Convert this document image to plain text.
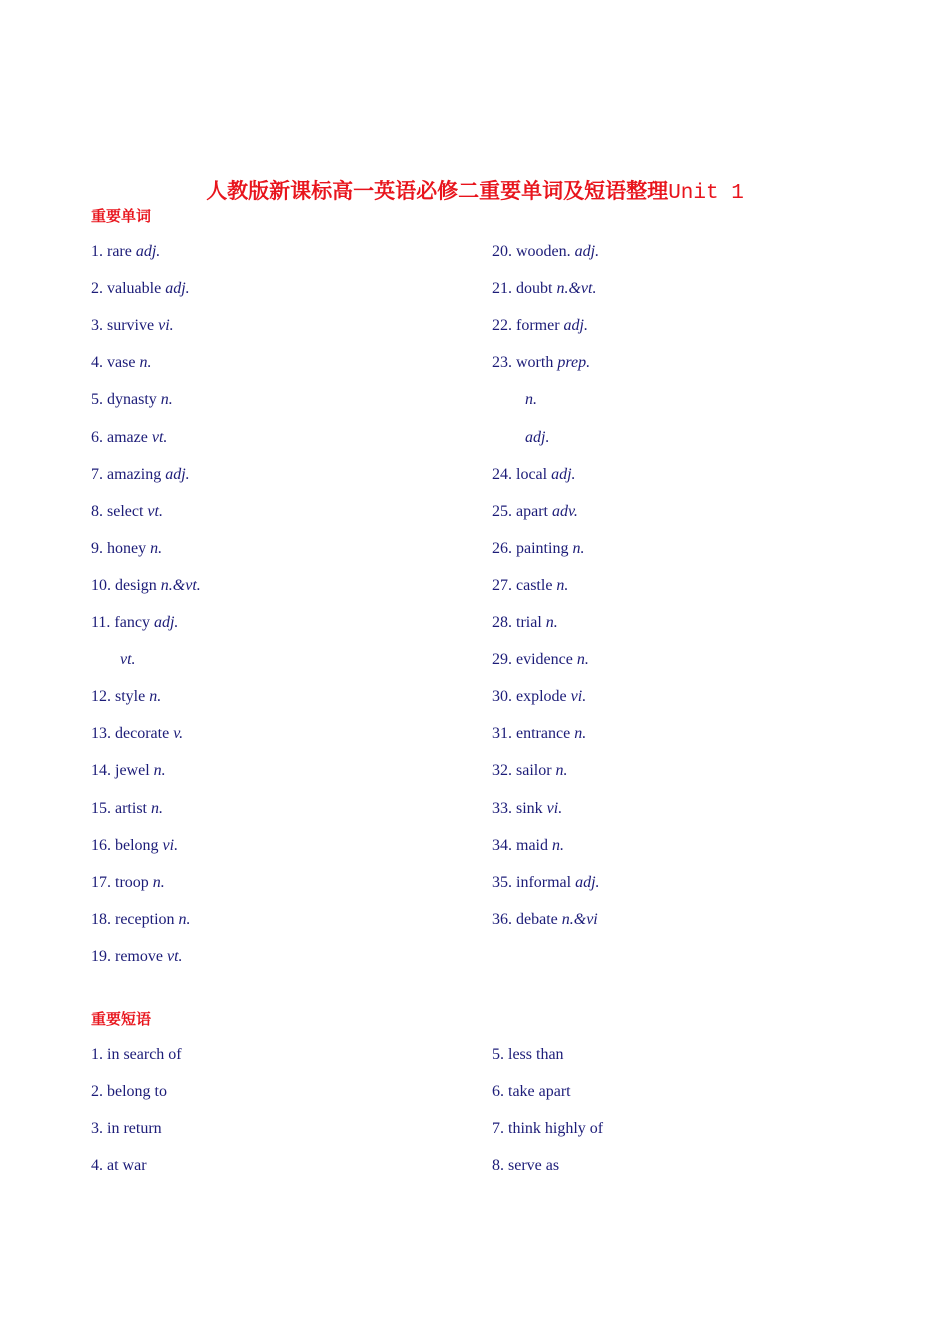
人教版新课标高一英语必修二重要单词及短语整理Unit 1
重要单词
1. rare adj.
2. valuable adj.
3. survive vi.
4. vase n.
5. dynasty n.
6. amaze vt.
7. amazing adj.
8. select vt.
9. honey n.
10. design n.&vt.
11. fancy adj.
vt.
12. style n.
13. decorate v.
14. jewel n.
15. artist n.
16. belong vi.
17. troop n.
18. reception n.
19. remove vt.
20. wooden. adj.
21. doubt n.&vt.
22. former adj.
23. worth prep.
n.
adj.
24. local adj.
25. apart adv.
26. painting n.
27. castle n.
28. trial n.
29. evidence n.
30. explode vi.
31. entrance n.
32. sailor n.
33. sink vi.
34. maid n.
35. informal adj.
36. debate n.&vi
重要短语
1. in search of
2. belong to
3. in return
4. at war
5. less than
6. take apart
7. think highly of
8. serve as
